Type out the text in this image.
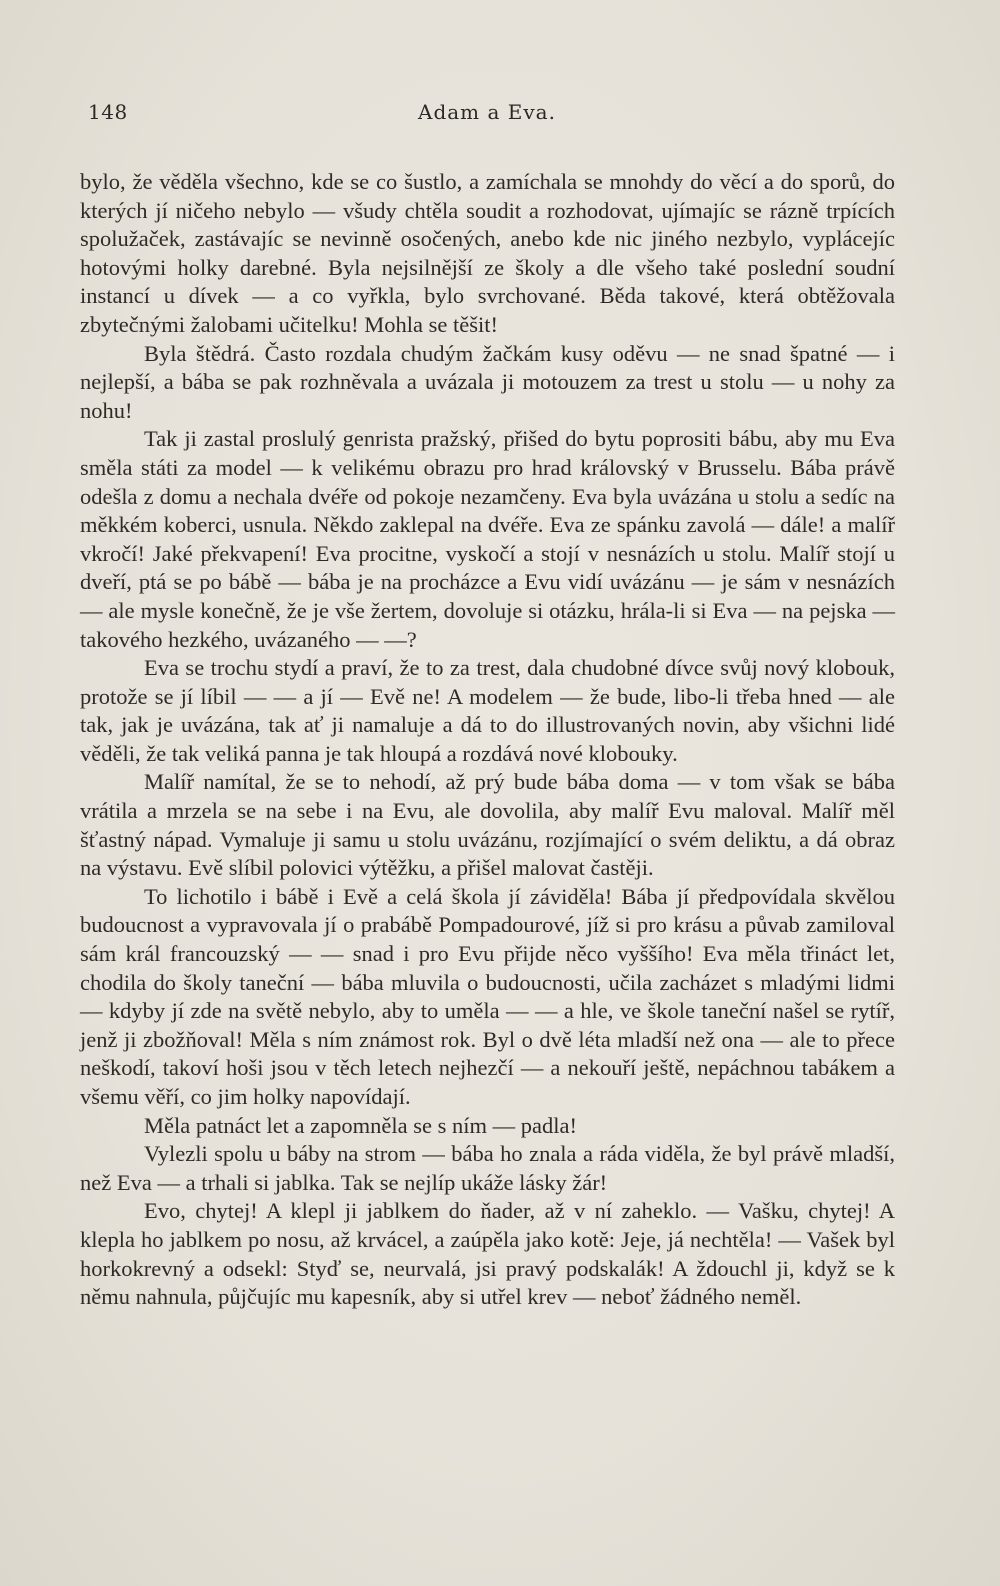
148	Adam a Eva.

bylo, že věděla všechno, kde se co šustlo, a zamíchala se mnohdy do věcí a do sporů, do kterých jí ničeho nebylo — všudy chtěla soudit a rozhodovat, ujímajíc se rázně trpících spolužaček, zastávajíc se nevinně osočených, anebo kde nic jiného nezbylo, vyplácejíc hotovými holky darebné. Byla nejsilnější ze školy a dle všeho také poslední soudní instancí u dívek — a co vyřkla, bylo svrchované. Běda takové, která obtěžovala zbytečnými žalobami učitelku! Mohla se těšit!

Byla štědrá. Často rozdala chudým žačkám kusy oděvu — ne snad špatné — i nejlepší, a bába se pak rozhněvala a uvázala ji motouzem za trest u stolu — u nohy za nohu!

Tak ji zastal proslulý genrista pražský, přišed do bytu poprositi bábu, aby mu Eva směla státi za model — k velikému obrazu pro hrad královský v Brusselu. Bába právě odešla z domu a nechala dvéře od pokoje nezamčeny. Eva byla uvázána u stolu a sedíc na měkkém koberci, usnula. Někdo zaklepal na dvéře. Eva ze spánku zavolá — dále! a malíř vkročí! Jaké překvapení! Eva procitne, vyskočí a stojí v nesnázích u stolu. Malíř stojí u dveří, ptá se po bábě — bába je na procházce a Evu vidí uvázánu — je sám v nesnázích — ale mysle konečně, že je vše žertem, dovoluje si otázku, hrála-li si Eva — na pejska — takového hezkého, uvázaného — —?

Eva se trochu stydí a praví, že to za trest, dala chudobné dívce svůj nový klobouk, protože se jí líbil — — a jí — Evě ne! A modelem — že bude, libo-li třeba hned — ale tak, jak je uvázána, tak ať ji namaluje a dá to do illustrovaných novin, aby všichni lidé věděli, že tak veliká panna je tak hloupá a rozdává nové klobouky.

Malíř namítal, že se to nehodí, až prý bude bába doma — v tom však se bába vrátila a mrzela se na sebe i na Evu, ale dovolila, aby malíř Evu maloval. Malíř měl šťastný nápad. Vymaluje ji samu u stolu uvázánu, rozjímající o svém deliktu, a dá obraz na výstavu. Evě slíbil polovici výtěžku, a přišel malovat častěji.

To lichotilo i bábě i Evě a celá škola jí záviděla! Bába jí předpovídala skvělou budoucnost a vypravovala jí o prabábě Pompadourové, jíž si pro krásu a půvab zamiloval sám král francouzský — — snad i pro Evu přijde něco vyššího! Eva měla třináct let, chodila do školy taneční — bába mluvila o budoucnosti, učila zacházet s mladými lidmi — kdyby jí zde na světě nebylo, aby to uměla — — a hle, ve škole taneční našel se rytíř, jenž ji zbožňoval! Měla s ním známost rok. Byl o dvě léta mladší než ona — ale to přece neškodí, takoví hoši jsou v těch letech nejhezčí — a nekouří ještě, nepáchnou tabákem a všemu věří, co jim holky napovídají.

Měla patnáct let a zapomněla se s ním — padla!

Vylezli spolu u báby na strom — bába ho znala a ráda viděla, že byl právě mladší, než Eva — a trhali si jablka. Tak se nejlíp ukáže lásky žár!

Evo, chytej! A klepl ji jablkem do ňader, až v ní zaheklo. — Vašku, chytej! A klepla ho jablkem po nosu, až krvácel, a zaúpěla jako kotě: Jeje, já nechtěla! — Vašek byl horkokrevný a odsekl: Styď se, neurvalá, jsi pravý podskalák! A ždouchl ji, když se k němu nahnula, půjčujíc mu kapesník, aby si utřel krev — neboť žádného neměl.
